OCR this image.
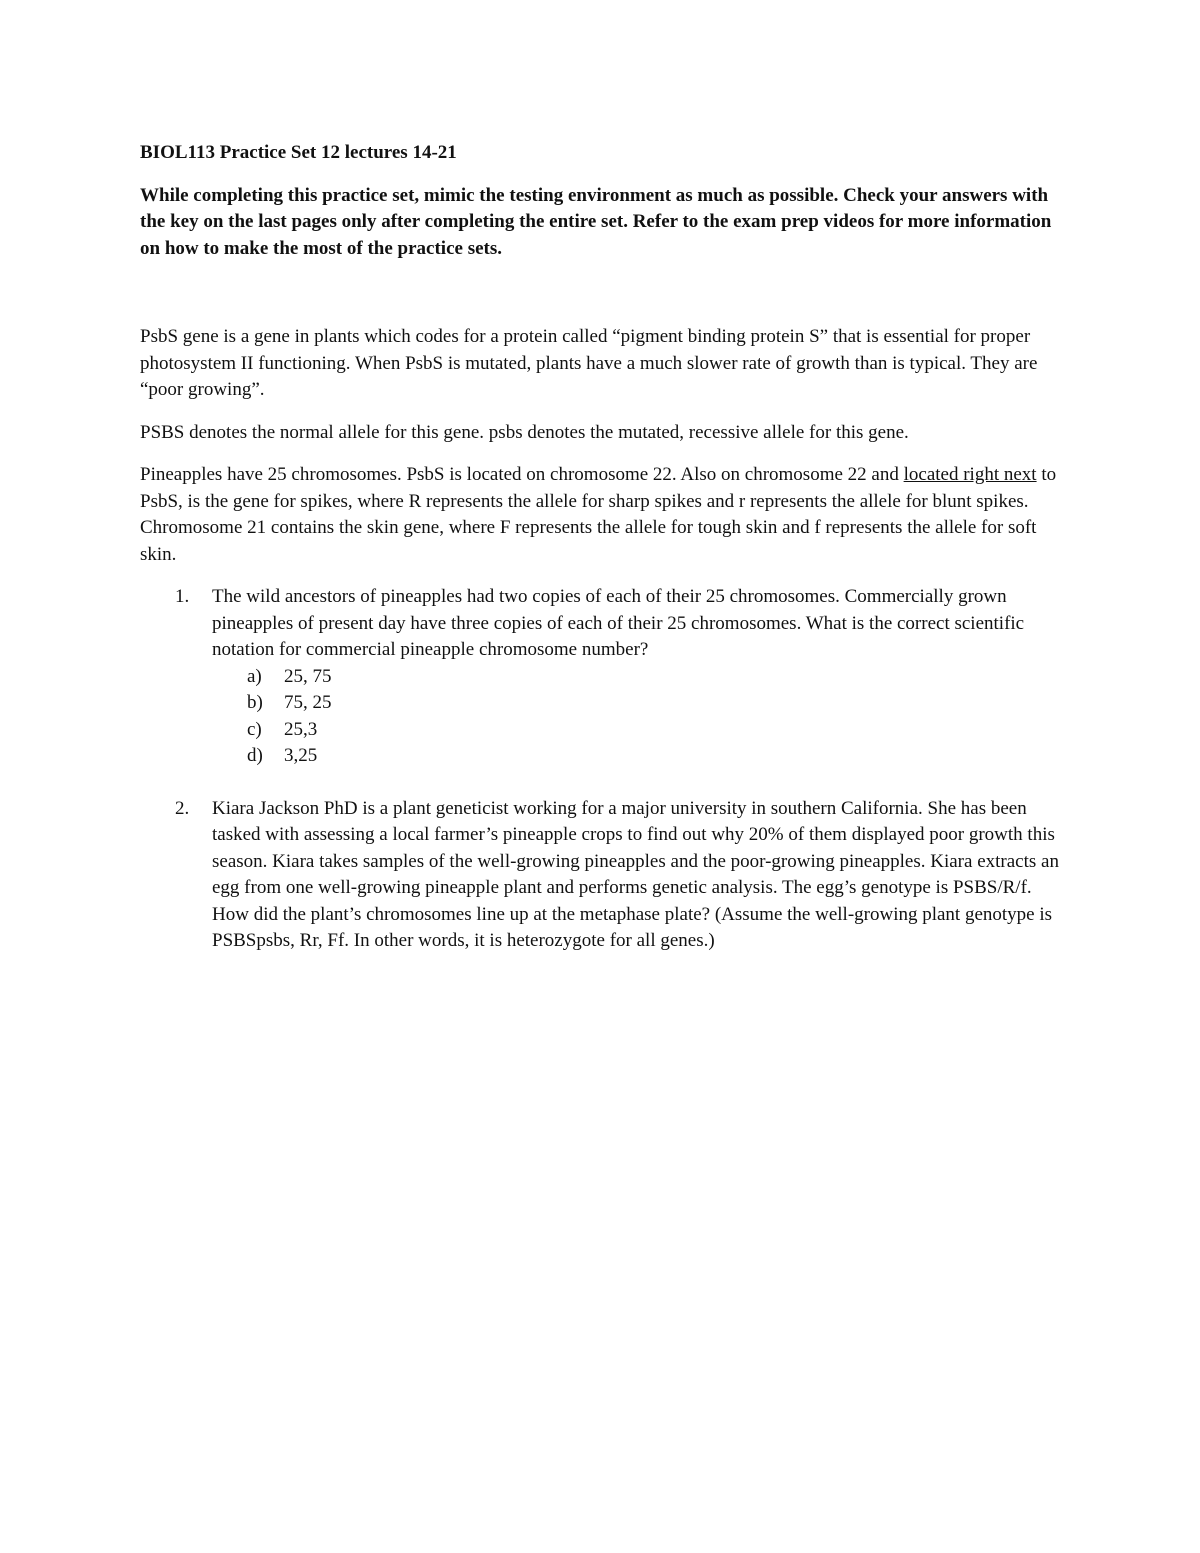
BIOL113 Practice Set 12 lectures 14-21
While completing this practice set, mimic the testing environment as much as possible. Check your answers with the key on the last pages only after completing the entire set. Refer to the exam prep videos for more information on how to make the most of the practice sets.

PsbS gene is a gene in plants which codes for a protein called “pigment binding protein S” that is essential for proper photosystem II functioning. When PsbS is mutated, plants have a much slower rate of growth than is typical. They are “poor growing”.

PSBS denotes the normal allele for this gene. psbs denotes the mutated, recessive allele for this gene.

Pineapples have 25 chromosomes. PsbS is located on chromosome 22. Also on chromosome 22 and located right next to PsbS, is the gene for spikes, where R represents the allele for sharp spikes and r represents the allele for blunt spikes. Chromosome 21 contains the skin gene, where F represents the allele for tough skin and f represents the allele for soft skin.

1. The wild ancestors of pineapples had two copies of each of their 25 chromosomes. Commercially grown pineapples of present day have three copies of each of their 25 chromosomes. What is the correct scientific notation for commercial pineapple chromosome number?
a) 25, 75
b) 75, 25
c) 25,3
d) 3,25
2. Kiara Jackson PhD is a plant geneticist working for a major university in southern California. She has been tasked with assessing a local farmer’s pineapple crops to find out why 20% of them displayed poor growth this season. Kiara takes samples of the well-growing pineapples and the poor-growing pineapples. Kiara extracts an egg from one well-growing pineapple plant and performs genetic analysis. The egg’s genotype is PSBS/R/f. How did the plant’s chromosomes line up at the metaphase plate? (Assume the well-growing plant genotype is PSBSpsbs, Rr, Ff. In other words, it is heterozygote for all genes.)
